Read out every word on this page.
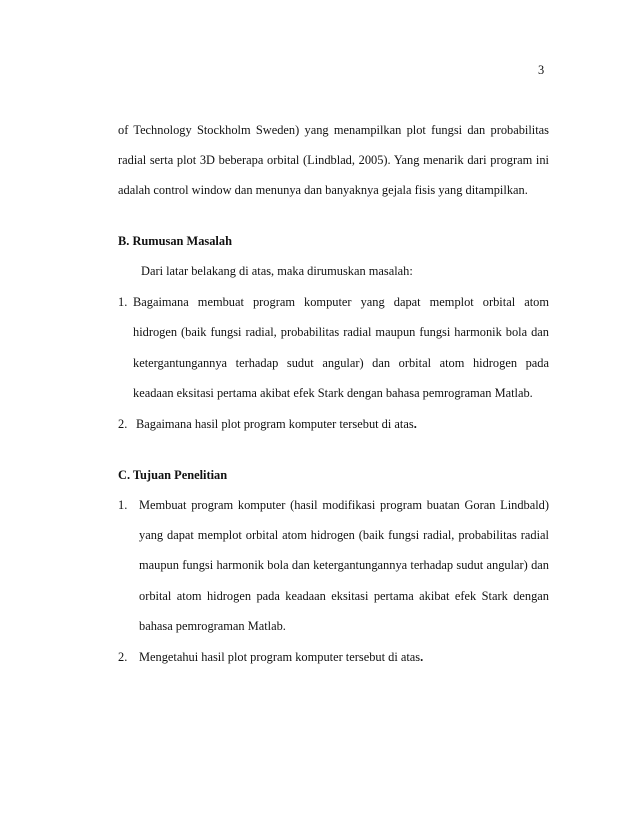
3
of Technology Stockholm Sweden) yang menampilkan plot fungsi dan probabilitas
radial serta plot 3D beberapa orbital (Lindblad, 2005). Yang menarik dari program ini
adalah control window dan menunya dan banyaknya gejala fisis yang ditampilkan.
B. Rumusan Masalah
Dari latar belakang di atas, maka dirumuskan masalah:
1. Bagaimana membuat program komputer yang dapat memplot orbital atom
hidrogen (baik fungsi radial, probabilitas radial maupun fungsi harmonik bola dan
ketergantungannya terhadap sudut angular) dan orbital atom hidrogen pada
keadaan eksitasi pertama akibat efek Stark dengan bahasa pemrograman Matlab.
2. Bagaimana hasil plot program komputer tersebut di atas.
C. Tujuan Penelitian
1. Membuat program komputer (hasil modifikasi program buatan Goran Lindbald)
yang dapat memplot orbital atom hidrogen (baik fungsi radial, probabilitas radial
maupun fungsi harmonik bola dan ketergantungannya terhadap sudut angular) dan
orbital atom hidrogen pada keadaan eksitasi pertama akibat efek Stark dengan
bahasa pemrograman Matlab.
2. Mengetahui hasil plot program komputer tersebut di atas.
